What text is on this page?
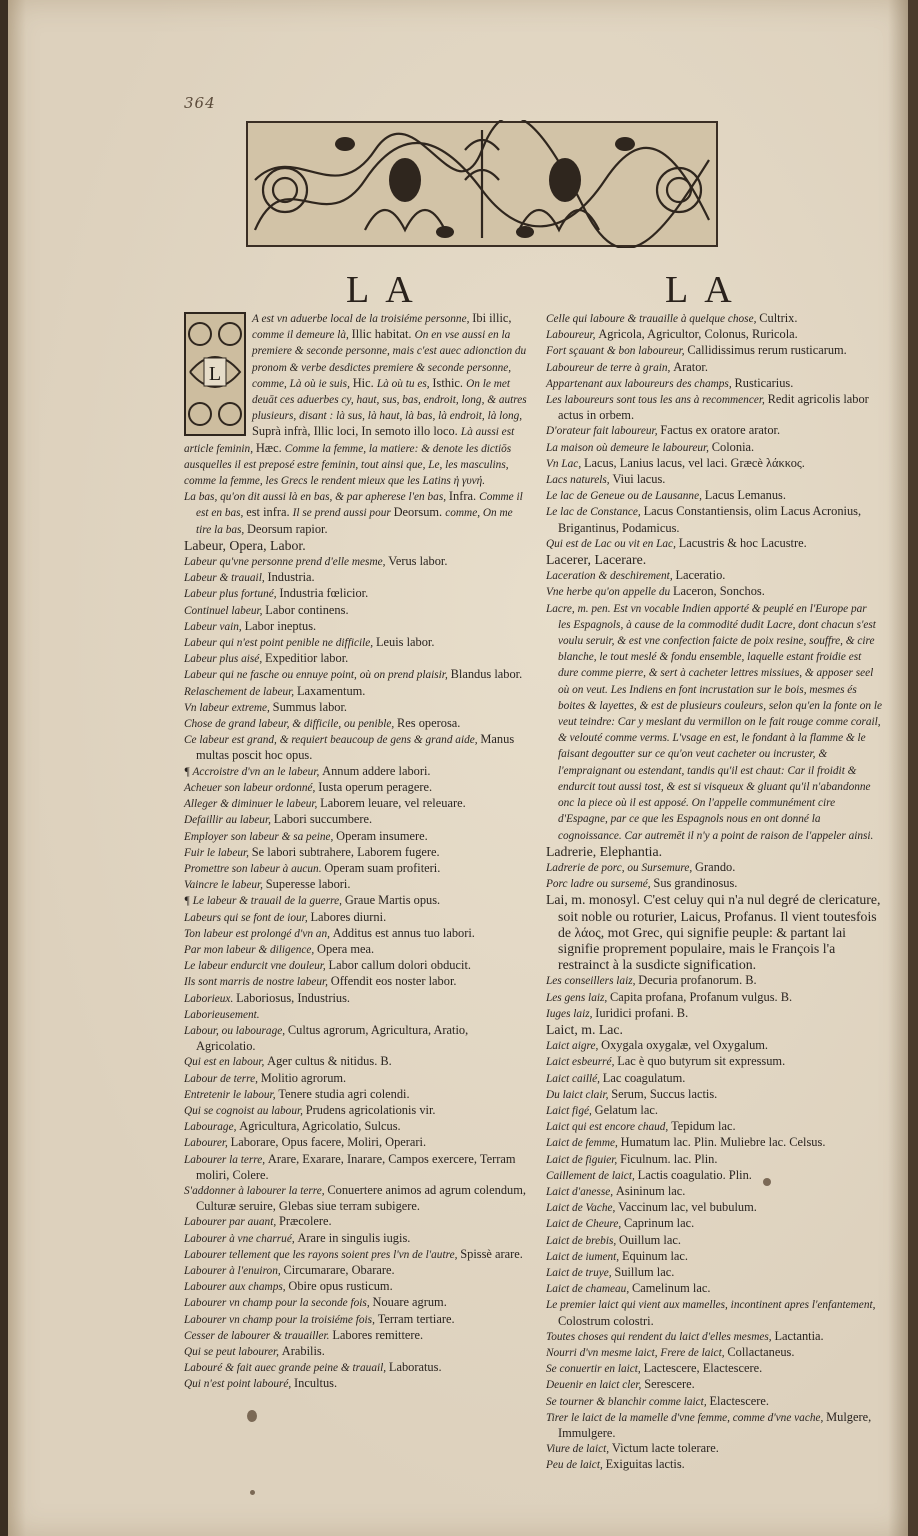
364
LA	LA
L

A est vn aduerbe local de la troisiéme personne, Ibi illic, comme il demeure là, Illic habitat. On en vse aussi en la premiere & seconde personne, mais c'est auec adionction du pronom & verbe desdictes premiere & seconde personne, comme, Là où ie suis, Hic. Là où tu es, Isthic. On le met deuāt ces aduerbes cy, haut, sus, bas, endroit, long, & autres plusieurs, disant : là sus, là haut, là bas, là endroit, là long, Suprà infrà, Illic loci, In semoto illo loco. Là aussi est article feminin, Hæc. Comme la femme, la matiere: & denote les dictiōs ausquelles il est preposé estre feminin, tout ainsi que, Le, les masculins, comme la femme, les Grecs le rendent mieux que les Latins ἡ γυνή.

La bas, qu'on dit aussi là en bas, & par apherese l'en bas, Infra. Comme il est en bas, est infra. Il se prend aussi pour Deorsum. comme, On me tire la bas, Deorsum rapior.

Labeur, Opera, Labor.

Labeur qu'vne personne prend d'elle mesme, Verus labor.

Labeur & trauail, Industria.

Labeur plus fortuné, Industria fœlicior.

Continuel labeur, Labor continens.

Labeur vain, Labor ineptus.

Labeur qui n'est point penible ne difficile, Leuis labor.

Labeur plus aisé, Expeditior labor.

Labeur qui ne fasche ou ennuye point, où on prend plaisir, Blandus labor.

Relaschement de labeur, Laxamentum.

Vn labeur extreme, Summus labor.

Chose de grand labeur, & difficile, ou penible, Res operosa.

Ce labeur est grand, & requiert beaucoup de gens & grand aide, Manus multas poscit hoc opus.

¶ Accroistre d'vn an le labeur, Annum addere labori.

Acheuer son labeur ordonné, Iusta operum peragere.

Alleger & diminuer le labeur, Laborem leuare, vel releuare.

Defaillir au labeur, Labori succumbere.

Employer son labeur & sa peine, Operam insumere.

Fuir le labeur, Se labori subtrahere, Laborem fugere.

Promettre son labeur à aucun. Operam suam profiteri.

Vaincre le labeur, Superesse labori.

¶ Le labeur & trauail de la guerre, Graue Martis opus.

Labeurs qui se font de iour, Labores diurni.

Ton labeur est prolongé d'vn an, Additus est annus tuo labori.

Par mon labeur & diligence, Opera mea.

Le labeur endurcit vne douleur, Labor callum dolori obducit.

Ils sont marris de nostre labeur, Offendit eos noster labor.

Laborieux. Laboriosus, Industrius.

Laborieusement.

Labour, ou labourage, Cultus agrorum, Agricultura, Aratio, Agricolatio.

Qui est en labour, Ager cultus & nitidus. B.

Labour de terre, Molitio agrorum.

Entretenir le labour, Tenere studia agri colendi.

Qui se cognoist au labour, Prudens agricolationis vir.

Labourage, Agricultura, Agricolatio, Sulcus.

Labourer, Laborare, Opus facere, Moliri, Operari.

Labourer la terre, Arare, Exarare, Inarare, Campos exercere, Terram moliri, Colere.

S'addonner à labourer la terre, Conuertere animos ad agrum colendum, Culturæ seruire, Glebas siue terram subigere.

Labourer par auant, Præcolere.

Labourer à vne charrué, Arare in singulis iugis.

Labourer tellement que les rayons soient pres l'vn de l'autre, Spissè arare.

Labourer à l'enuiron, Circumarare, Obarare.

Labourer aux champs, Obire opus rusticum.

Labourer vn champ pour la seconde fois, Nouare agrum.

Labourer vn champ pour la troisiéme fois, Terram tertiare.

Cesser de labourer & trauailler. Labores remittere.

Qui se peut labourer, Arabilis.

Labouré & fait auec grande peine & trauail, Laboratus.

Qui n'est point labouré, Incultus.

Celle qui laboure & trauaille à quelque chose, Cultrix.

Laboureur, Agricola, Agricultor, Colonus, Ruricola.

Fort sçauant & bon laboureur, Callidissimus rerum rusticarum.

Laboureur de terre à grain, Arator.

Appartenant aux laboureurs des champs, Rusticarius.

Les laboureurs sont tous les ans à recommencer, Redit agricolis labor actus in orbem.

D'orateur fait laboureur, Factus ex oratore arator.

La maison où demeure le laboureur, Colonia.

Vn Lac, Lacus, Lanius lacus, vel laci. Græcè λάκκος.

Lacs naturels, Viui lacus.

Le lac de Geneue ou de Lausanne, Lacus Lemanus.

Le lac de Constance, Lacus Constantiensis, olim Lacus Acronius, Brigantinus, Podamicus.

Qui est de Lac ou vit en Lac, Lacustris & hoc Lacustre.

Lacerer, Lacerare.

Laceration & deschirement, Laceratio.

Vne herbe qu'on appelle du Laceron, Sonchos.

Lacre, m. pen. Est vn vocable Indien apporté & peuplé en l'Europe par les Espagnols, à cause de la commodité dudit Lacre, dont chacun s'est voulu seruir, & est vne confection faicte de poix resine, souffre, & cire blanche, le tout meslé & fondu ensemble, laquelle estant froidie est dure comme pierre, & sert à cacheter lettres missiues, & apposer seel où on veut. Les Indiens en font incrustation sur le bois, mesmes és boites & layettes, & est de plusieurs couleurs, selon qu'en la fonte on le veut teindre: Car y meslant du vermillon on le fait rouge comme corail, & velouté comme verms. L'vsage en est, le fondant à la flamme & le faisant degoutter sur ce qu'on veut cacheter ou incruster, & l'empraignant ou estendant, tandis qu'il est chaut: Car il froidit & endurcit tout aussi tost, & est si visqueux & gluant qu'il n'abandonne onc la piece où il est apposé. On l'appelle communément cire d'Espagne, par ce que les Espagnols nous en ont donné la cognoissance. Car autremēt il n'y a point de raison de l'appeler ainsi.

Ladrerie, Elephantia.

Ladrerie de porc, ou Sursemure, Grando.

Porc ladre ou sursemé, Sus grandinosus.

Lai, m. monosyl. C'est celuy qui n'a nul degré de clericature, soit noble ou roturier, Laicus, Profanus. Il vient toutesfois de λάος, mot Grec, qui signifie peuple: & partant lai signifie proprement populaire, mais le François l'a restrainct à la susdicte signification.

Les conseillers laiz, Decuria profanorum. B.

Les gens laiz, Capita profana, Profanum vulgus. B.

Iuges laiz, Iuridici profani. B.

Laict, m. Lac.

Laict aigre, Oxygala oxygalæ, vel Oxygalum.

Laict esbeurré, Lac è quo butyrum sit expressum.

Laict caillé, Lac coagulatum.

Du laict clair, Serum, Succus lactis.

Laict figé, Gelatum lac.

Laict qui est encore chaud, Tepidum lac.

Laict de femme, Humatum lac. Plin. Muliebre lac. Celsus.

Laict de figuier, Ficulnum. lac. Plin.

Caillement de laict, Lactis coagulatio. Plin.

Laict d'anesse, Asininum lac.

Laict de Vache, Vaccinum lac, vel bubulum.

Laict de Cheure, Caprinum lac.

Laict de brebis, Ouillum lac.

Laict de iument, Equinum lac.

Laict de truye, Suillum lac.

Laict de chameau, Camelinum lac.

Le premier laict qui vient aux mamelles, incontinent apres l'enfantement, Colostrum colostri.

Toutes choses qui rendent du laict d'elles mesmes, Lactantia.

Nourri d'vn mesme laict, Frere de laict, Collactaneus.

Se conuertir en laict, Lactescere, Elactescere.

Deuenir en laict cler, Serescere.

Se tourner & blanchir comme laict, Elactescere.

Tirer le laict de la mamelle d'vne femme, comme d'vne vache, Mulgere, Immulgere.

Viure de laict, Victum lacte tolerare.

Peu de laict, Exiguitas lactis.
